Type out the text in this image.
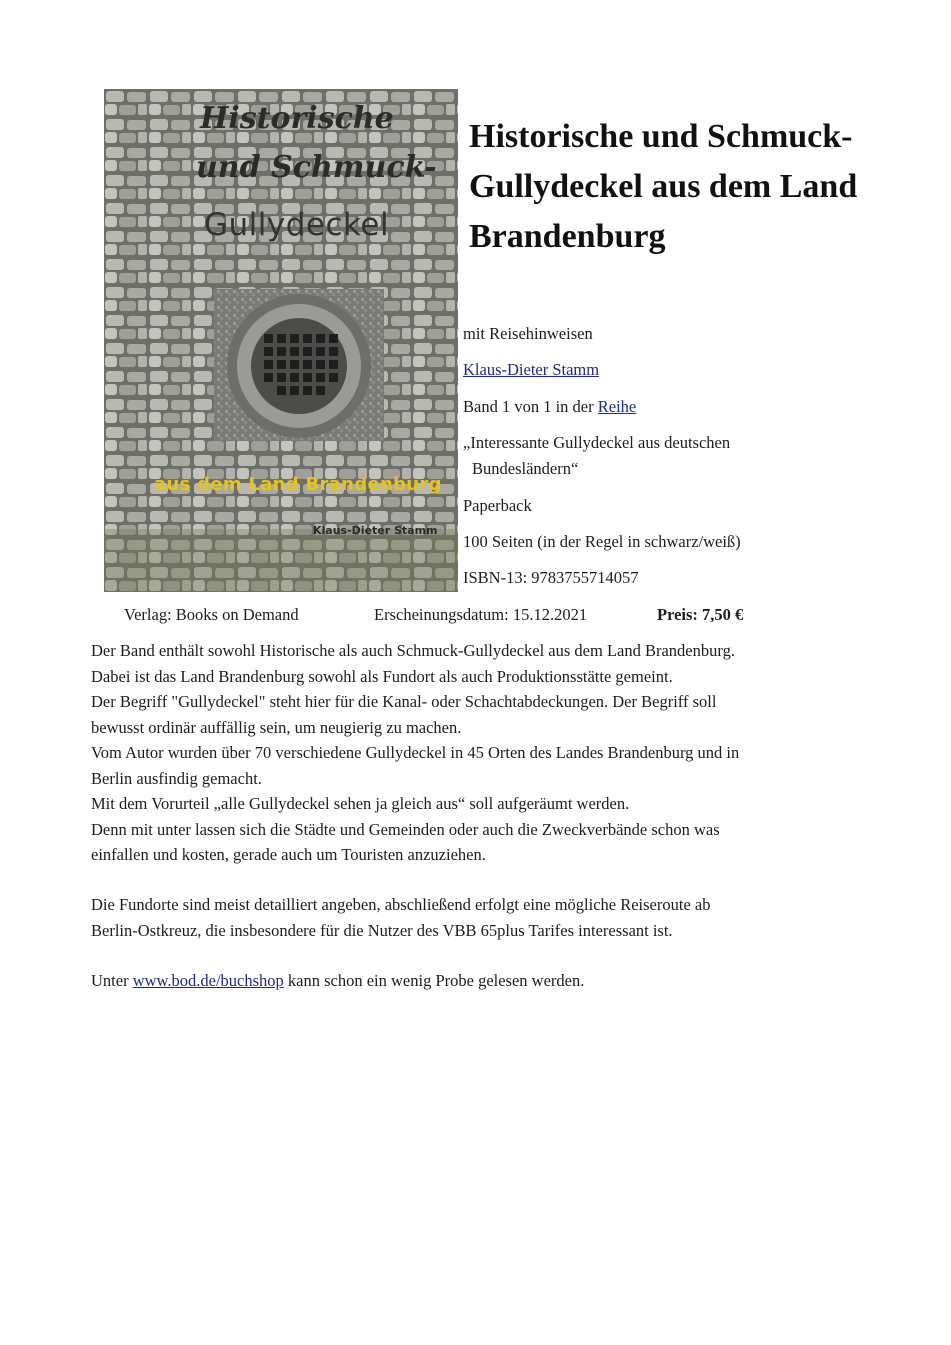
Historische
und Schmuck-
Gullydeckel
aus dem Land Brandenburg
Klaus-Dieter Stamm
Historische und Schmuck-Gullydeckel aus dem Land Brandenburg
mit Reisehinweisen
Klaus-Dieter Stamm
Band 1 von 1 in der Reihe
„Interessante Gullydeckel aus deutschen
Bundesländern“
Paperback
100 Seiten (in der Regel in schwarz/weiß)
ISBN-13: 9783755714057
Verlag: Books on Demand	Erscheinungsdatum: 15.12.2021	Preis: 7,50 €

Der Band enthält sowohl Historische als auch Schmuck-Gullydeckel aus dem Land Brandenburg.

Dabei ist das Land Brandenburg sowohl als Fundort als auch Produktionsstätte gemeint.

Der Begriff "Gullydeckel" steht hier für die Kanal- oder Schachtabdeckungen. Der Begriff soll

bewusst ordinär auffällig sein, um neugierig zu machen.

Vom Autor wurden über 70 verschiedene Gullydeckel in 45 Orten des Landes Brandenburg und in

Berlin ausfindig gemacht.

Mit dem Vorurteil „alle Gullydeckel sehen ja gleich aus“ soll aufgeräumt werden.

Denn mit unter lassen sich die Städte und Gemeinden oder auch die Zweckverbände schon was

einfallen und kosten, gerade auch um Touristen anzuziehen.

Die Fundorte sind meist detailliert angeben, abschließend erfolgt eine mögliche Reiseroute ab

Berlin-Ostkreuz, die insbesondere für die Nutzer des VBB 65plus Tarifes interessant ist.

Unter www.bod.de/buchshop kann schon ein wenig Probe gelesen werden.
